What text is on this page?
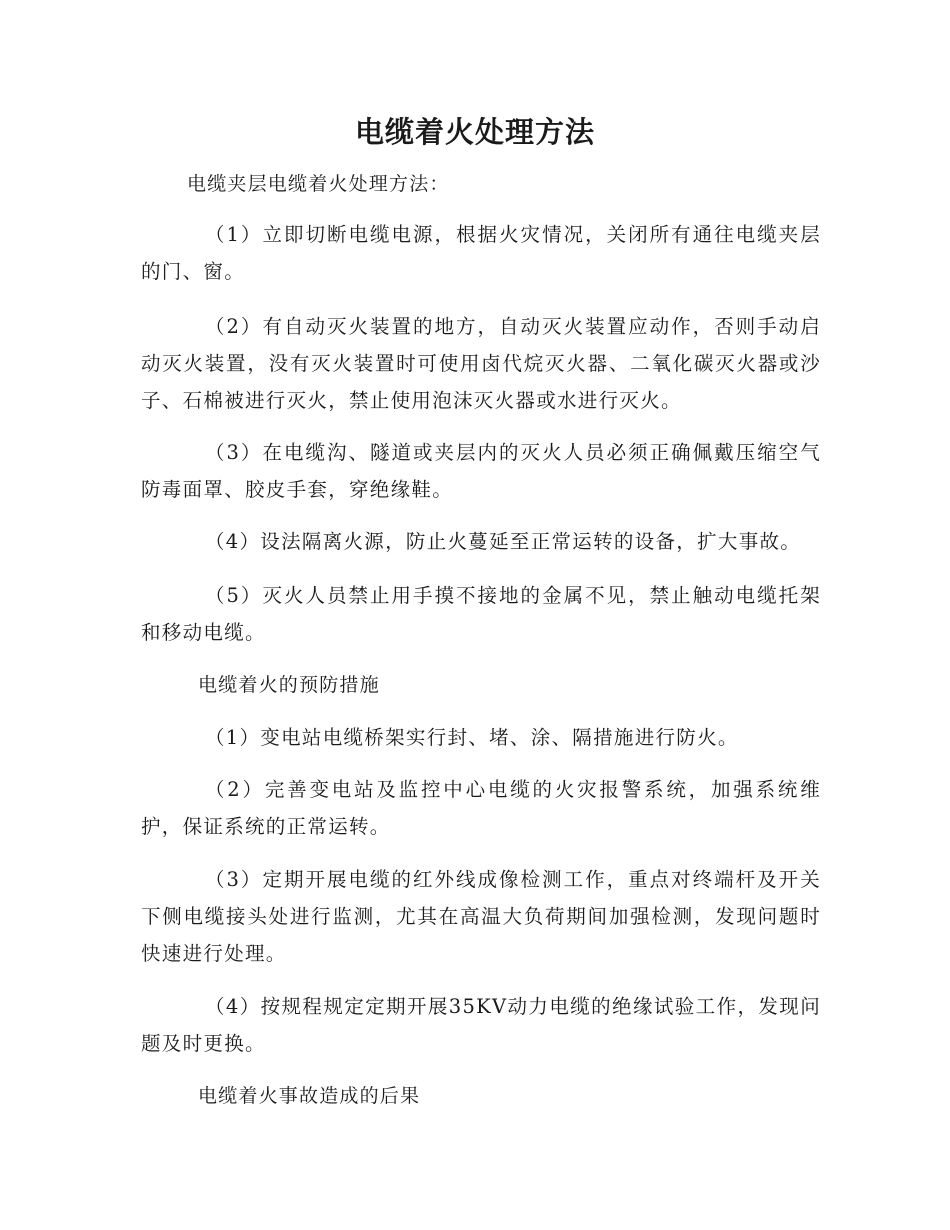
电缆着火处理方法
电缆夹层电缆着火处理方法：
（1）立即切断电缆电源，根据火灾情况，关闭所有通往电缆夹层的门、窗。
（2）有自动灭火装置的地方，自动灭火装置应动作，否则手动启动灭火装置，没有灭火装置时可使用卤代烷灭火器、二氧化碳灭火器或沙子、石棉被进行灭火，禁止使用泡沫灭火器或水进行灭火。
（3）在电缆沟、隧道或夹层内的灭火人员必须正确佩戴压缩空气防毒面罩、胶皮手套，穿绝缘鞋。
（4）设法隔离火源，防止火蔓延至正常运转的设备，扩大事故。
（5）灭火人员禁止用手摸不接地的金属不见，禁止触动电缆托架 和移动电缆。
电缆着火的预防措施
（1）变电站电缆桥架实行封、堵、涂、隔措施进行防火。
（2）完善变电站及监控中心电缆的火灾报警系统，加强系统维护，保证系统的正常运转。
（3）定期开展电缆的红外线成像检测工作，重点对终端杆及开关下侧电缆接头处进行监测，尤其在高温大负荷期间加强检测，发现问题时快速进行处理。
（4）按规程规定定期开展35KV动力电缆的绝缘试验工作，发现问题及时更换。
电缆着火事故造成的后果
